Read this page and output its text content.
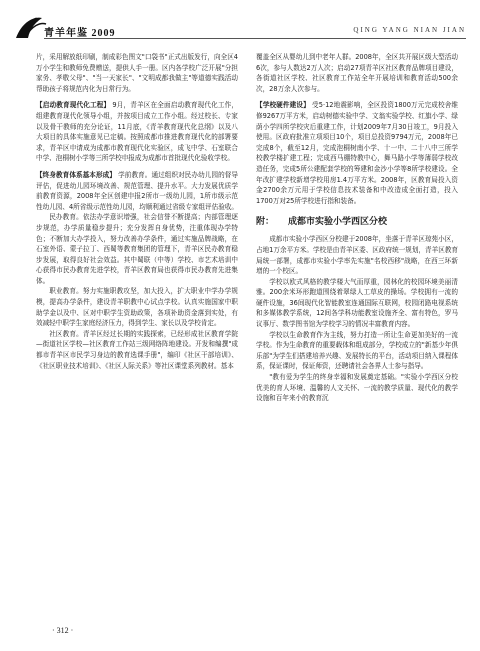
青羊年鉴 2009	QING YANG NIAN JIAN

片，采用解放纸印刷，制成彩色图文"口袋书"正式出版发行，向全区4万小学生和教师免费赠送，提供人手一册。区内各学校广泛开展"分担家务、孝敬父母"、"当一天家长"、"文明成都我做主"等道德实践活动帮助孩子将规范内化为日常行为。

【启动教育现代化工程】 9月，青羊区在全面启动教育现代化工作，组建教育现代化领导小组，并按项目成立工作小组。经过校长、专家以及骨干教师的充分论证，11月底，《青羊教育现代化总纲》以及八大项目的具体实施意见已定稿。按照成都市推进教育现代化的部署要求，青羊区申请成为成都市教育现代化实验区，成飞中学、石室联合中学、泡桐树小学等三所学校申报成为成都市首批现代化验收学校。

【终身教育体系基本形成】 学前教育。通过组织对民办幼儿园的督导评估，促进幼儿园环境改善、规范管理、提升水平。大力发展优质学前教育资源，2008年全区创建申报2所市一级幼儿园，1所市级示范性幼儿园、4所省级示范性幼儿园，均顺利通过省级专家组评估验收。

民办教育。依法办学意识增强，社会信誉不断提高；内部管理逐步规范，办学质量稳步提升；充分发挥自身优势，注重体现办学特色；不断加大办学投入，努力改善办学条件，通过实施品牌战略，在石室外语、蒙子拉丁、西蜀等教育集团的管理下，青羊区民办教育稳步发展，取得良好社会效益。其中蜀联（中等）学校、市艺术培训中心获得市民办教育先进学校，青羊区教育局也获得市民办教育先进集体。

职业教育。努力实施职教攻坚，加大投入，扩大职业中学办学规模，提高办学条件，建设青羊职教中心试点学校。认真实施国家中职助学金以及中、区对中职学生资助政策，各项补助资金落到实处，有效减轻中职学生家庭经济压力，得到学生、家长以及学校肯定。

社区教育。青羊区经过长期的实践探索，已经形成社区教育学院—街道社区学校—社区教育工作站三级网络阵地建设。开发和编撰"成都市青羊区市民学习身边的教育选课手册"，编印《社区干部培训》、《社区职业技术培训》、《社区人际关系》等社区课堂系列教材。基本

覆盖全区从婴幼儿到中老年人群。2008年，全区共开展区级大型活动6次，参与人数达2万人次；启动27项青羊区社区教育品牌项目建设，各街道社区学校、社区教育工作站全年开展培训和教育活动500余次，28万余人次参与。

【学校硬件建设】 受5·12地震影响，全区投资1800万元完成校舍维修9267万平方米，启动树德实验中学、文翁实验学校、红旗小学、绿荫小学四所学校灾后重建工作，计划2009年7月30日竣工，9月投入使用。区政府批准立项项目10个，项目总投资9794万元，2008年已完成8个，截至12月，完成泡桐树南小学、十一中、二十八中三所学校教学楼扩建工程；完成西马棚特教中心，舞马路小学等薄弱学校改造任务，完成5所公建配套学校的筹建和金沙小学等8所学校建设。全年改扩建学校新增学校用房1.4万平方米。2008年，区教育局投入资金2700余万元用于学校信息技术装备和中改造成全面打造，投入1700万对25所学校进行指和装备。

附： 成都市实验小学西区分校

成都市实验小学西区分校建于2008年，坐落于青羊区琼苑小区，占地1万余平方米。学校是由青羊区委、区政府统一规划，青羊区教育局统一部署，成都市实验小学率先实施"名校西移"战略，在西三环新增的一个校区。

学校以欧式风格的教学楼大气而厚重，园林化的校园环境美丽清雅。200余米环形跑道围绕着翠绿人工草皮的操场。学校拥有一流的硬件设施，36间现代化智能教室连通国际互联网，校园闭路电视系统和多媒体教学系统，12间各学科功能教室设施齐全、富有特色，罗马议事厅、数学图书馆为学校学习的情况丰富教育内容。

学校以生命教育作为主线，努力打造一所让生命更加美好的一流学校。作为生命教育的重要载体和组成部分，学校成立的"新基少年俱乐部"为学生们搭建培养兴趣、发展特长的平台，活动项目纳入课程体系，保证课时，保证师资，还聘请社会各界人士参与指导。

"教有爱为学生的终身幸福和发展奠定基础。"实验小学西区分校优美的育人环境、温馨的人文关怀、一流的教学质量、现代化的教学设施和百年来小的教育沉

· 312 ·
